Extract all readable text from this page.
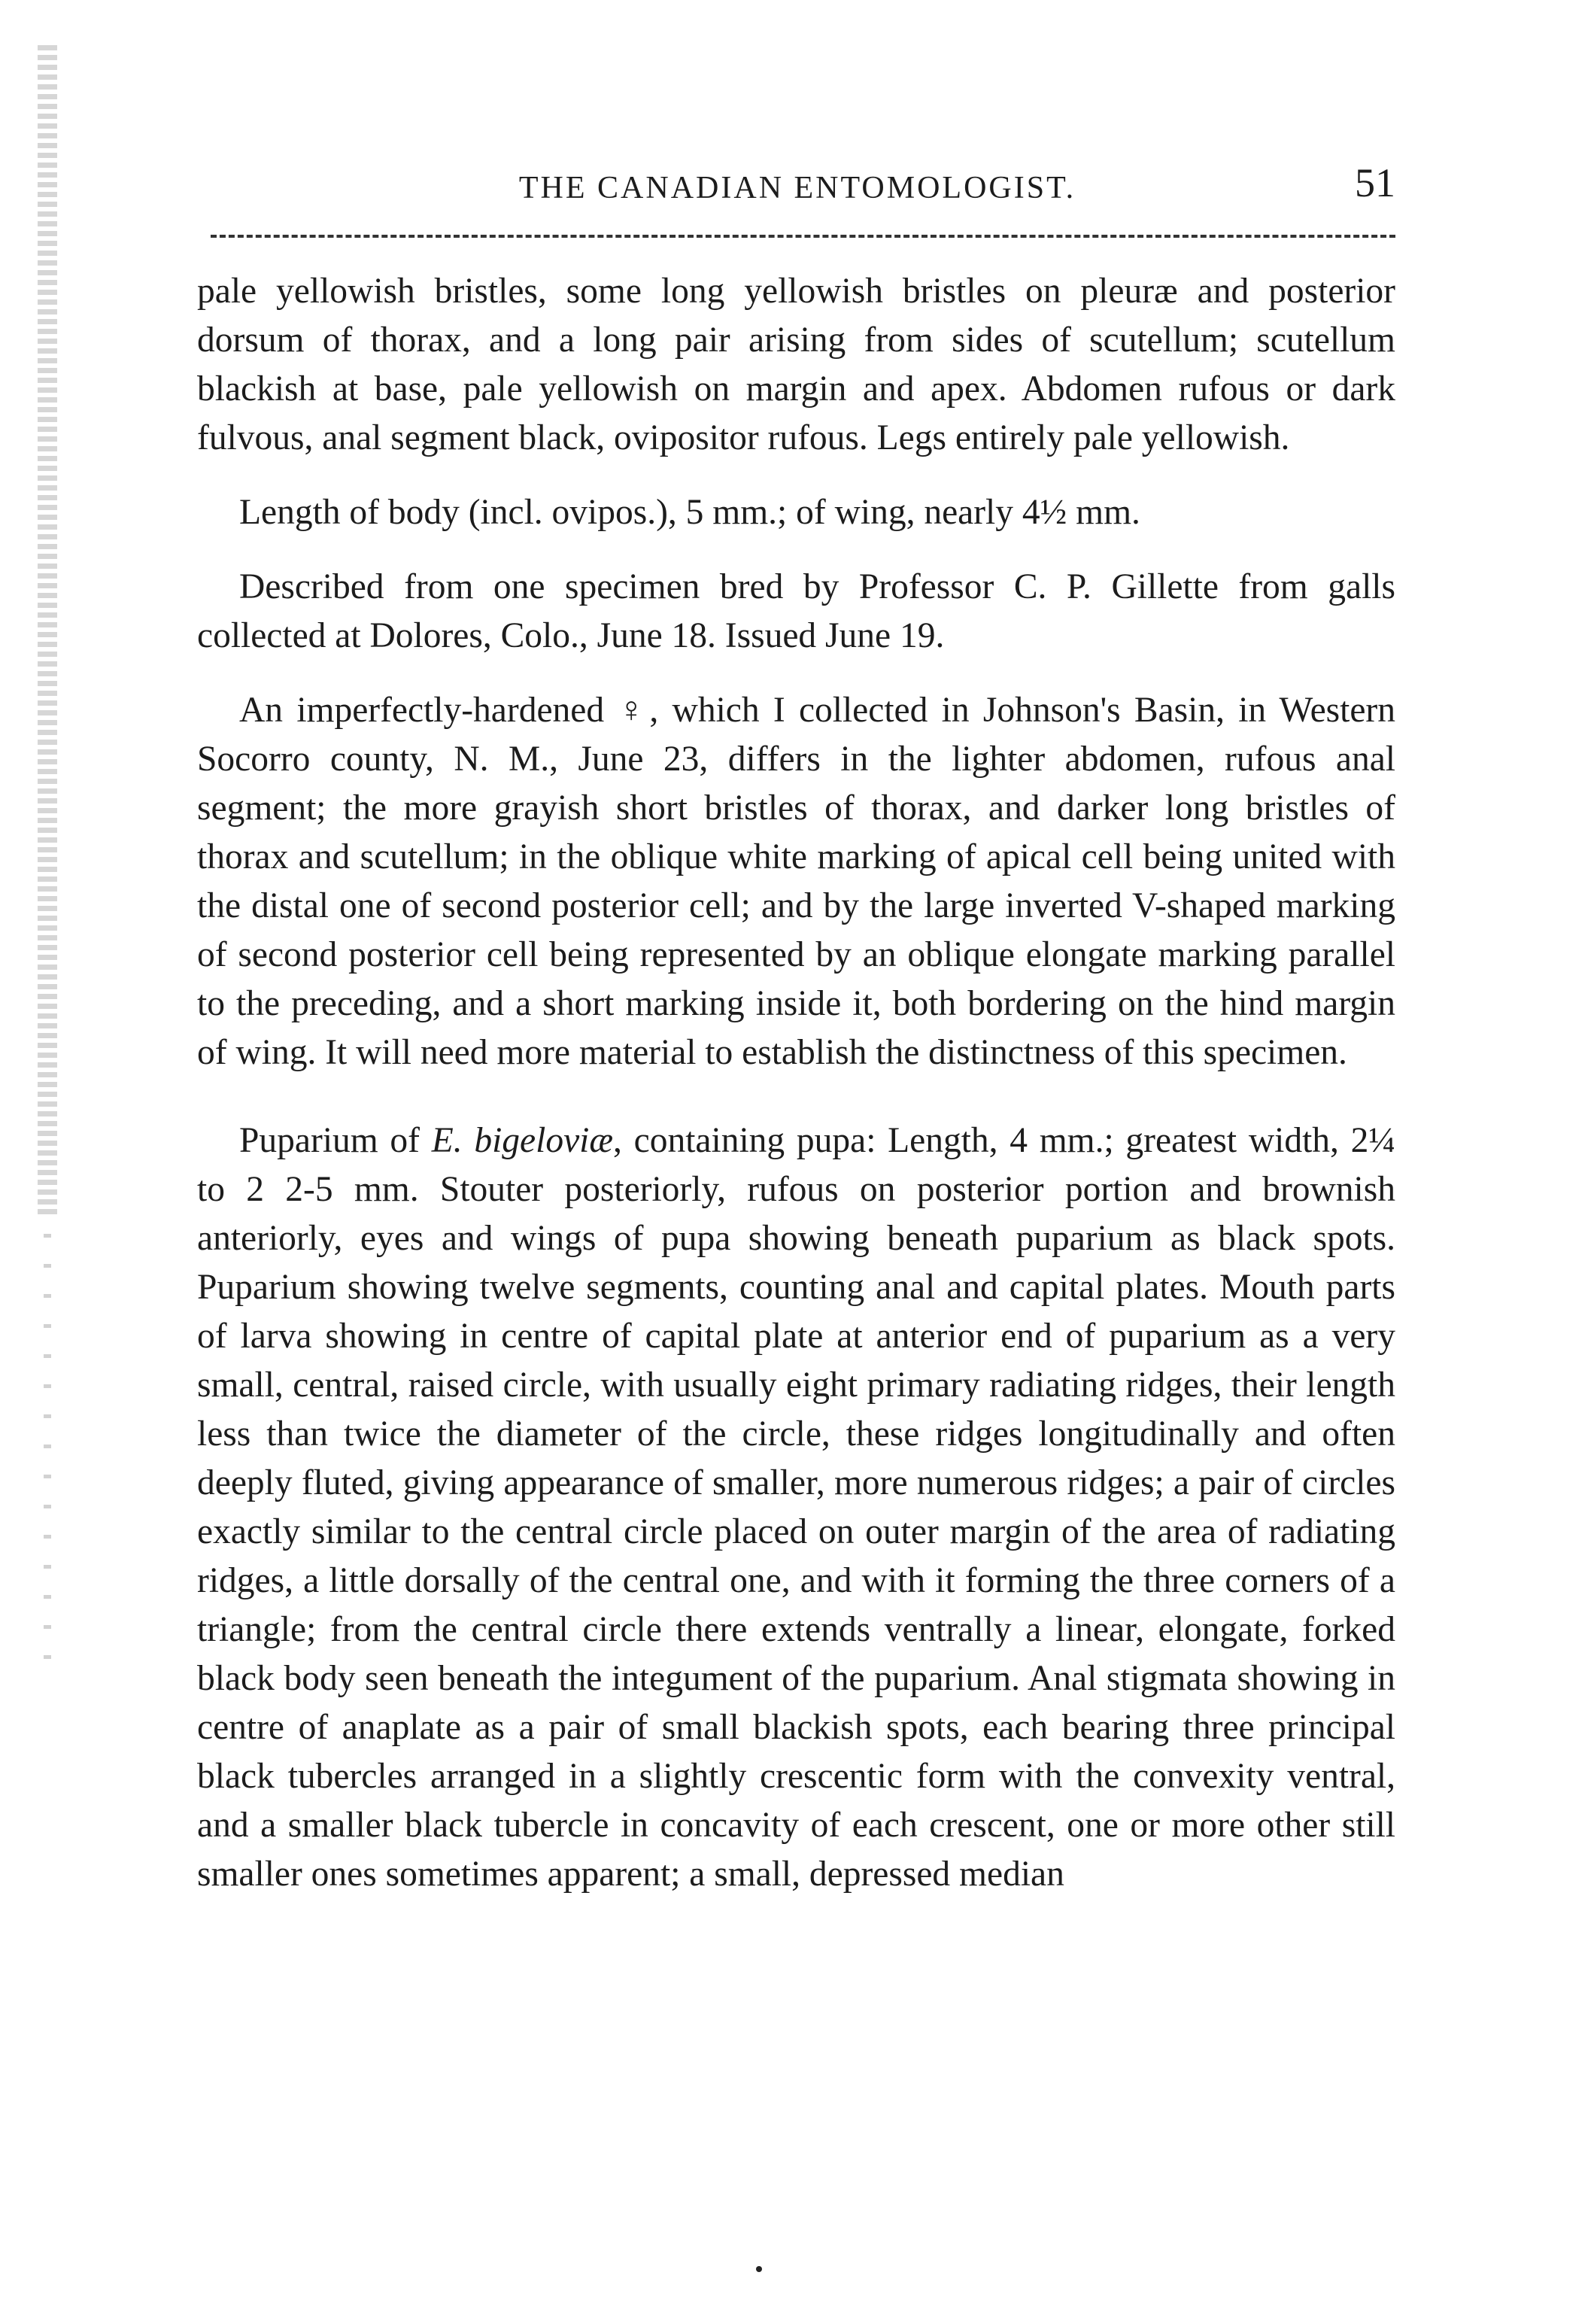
THE CANADIAN ENTOMOLOGIST.	51

pale yellowish bristles, some long yellowish bristles on pleuræ and posterior dorsum of thorax, and a long pair arising from sides of scutellum; scutellum blackish at base, pale yellowish on margin and apex. Abdomen rufous or dark fulvous, anal segment black, ovipositor rufous. Legs entirely pale yellowish.

Length of body (incl. ovipos.), 5 mm.; of wing, nearly 4½ mm.

Described from one specimen bred by Professor C. P. Gillette from galls collected at Dolores, Colo., June 18. Issued June 19.

An imperfectly-hardened ♀, which I collected in Johnson's Basin, in Western Socorro county, N. M., June 23, differs in the lighter abdomen, rufous anal segment; the more grayish short bristles of thorax, and darker long bristles of thorax and scutellum; in the oblique white marking of apical cell being united with the distal one of second posterior cell; and by the large inverted V-shaped marking of second posterior cell being represented by an oblique elongate marking parallel to the preceding, and a short marking inside it, both bordering on the hind margin of wing. It will need more material to establish the distinctness of this specimen.

Puparium of E. bigeloviæ, containing pupa: Length, 4 mm.; greatest width, 2¼ to 2 2-5 mm. Stouter posteriorly, rufous on posterior portion and brownish anteriorly, eyes and wings of pupa showing beneath puparium as black spots. Puparium showing twelve segments, counting anal and capital plates. Mouth parts of larva showing in centre of capital plate at anterior end of puparium as a very small, central, raised circle, with usually eight primary radiating ridges, their length less than twice the diameter of the circle, these ridges longitudinally and often deeply fluted, giving appearance of smaller, more numerous ridges; a pair of circles exactly similar to the central circle placed on outer margin of the area of radiating ridges, a little dorsally of the central one, and with it forming the three corners of a triangle; from the central circle there extends ventrally a linear, elongate, forked black body seen beneath the integument of the puparium. Anal stigmata showing in centre of anaplate as a pair of small blackish spots, each bearing three principal black tubercles arranged in a slightly crescentic form with the convexity ventral, and a smaller black tubercle in concavity of each crescent, one or more other still smaller ones sometimes apparent; a small, depressed median
